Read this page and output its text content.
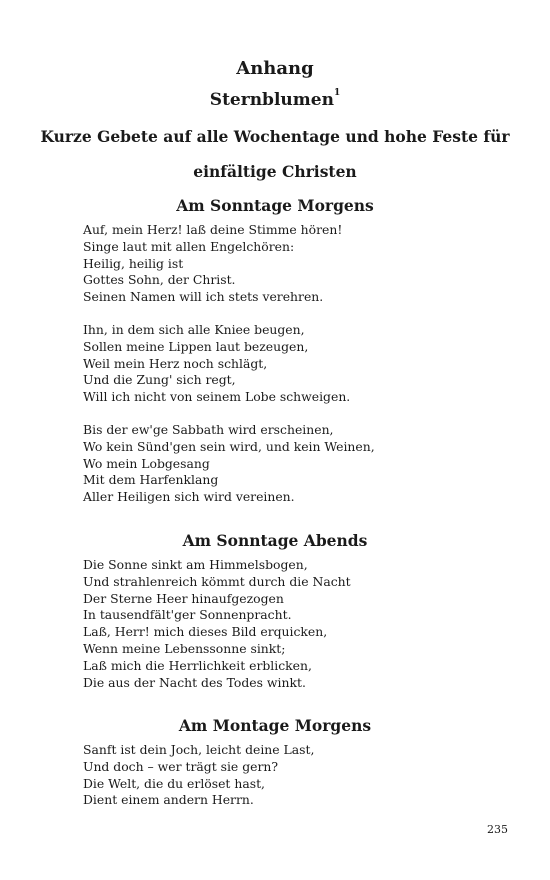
Anhang
Sternblumen$^1$
Kurze Gebete auf alle Wochentage und hohe Feste für
einfältige Christen
Am Sonntage Morgens
Auf, mein Herz! laß deine Stimme hören!
Singe laut mit allen Engelchören:
Heilig, heilig ist
Gottes Sohn, der Christ.
Seinen Namen will ich stets verehren.
Ihn, in dem sich alle Kniee beugen,
Sollen meine Lippen laut bezeugen,
Weil mein Herz noch schlägt,
Und die Zung' sich regt,
Will ich nicht von seinem Lobe schweigen.
Bis der ew'ge Sabbath wird erscheinen,
Wo kein Sünd'gen sein wird, und kein Weinen,
Wo mein Lobgesang
Mit dem Harfenklang
Aller Heiligen sich wird vereinen.
Am Sonntage Abends
Die Sonne sinkt am Himmelsbogen,
Und strahlenreich kömmt durch die Nacht
Der Sterne Heer hinaufgezogen
In tausendfält'ger Sonnenpracht.
Laß, Herr! mich dieses Bild erquicken,
Wenn meine Lebenssonne sinkt;
Laß mich die Herrlichkeit erblicken,
Die aus der Nacht des Todes winkt.
Am Montage Morgens
Sanft ist dein Joch, leicht deine Last,
Und doch – wer trägt sie gern?
Die Welt, die du erlöset hast,
Dient einem andern Herrn.
235
